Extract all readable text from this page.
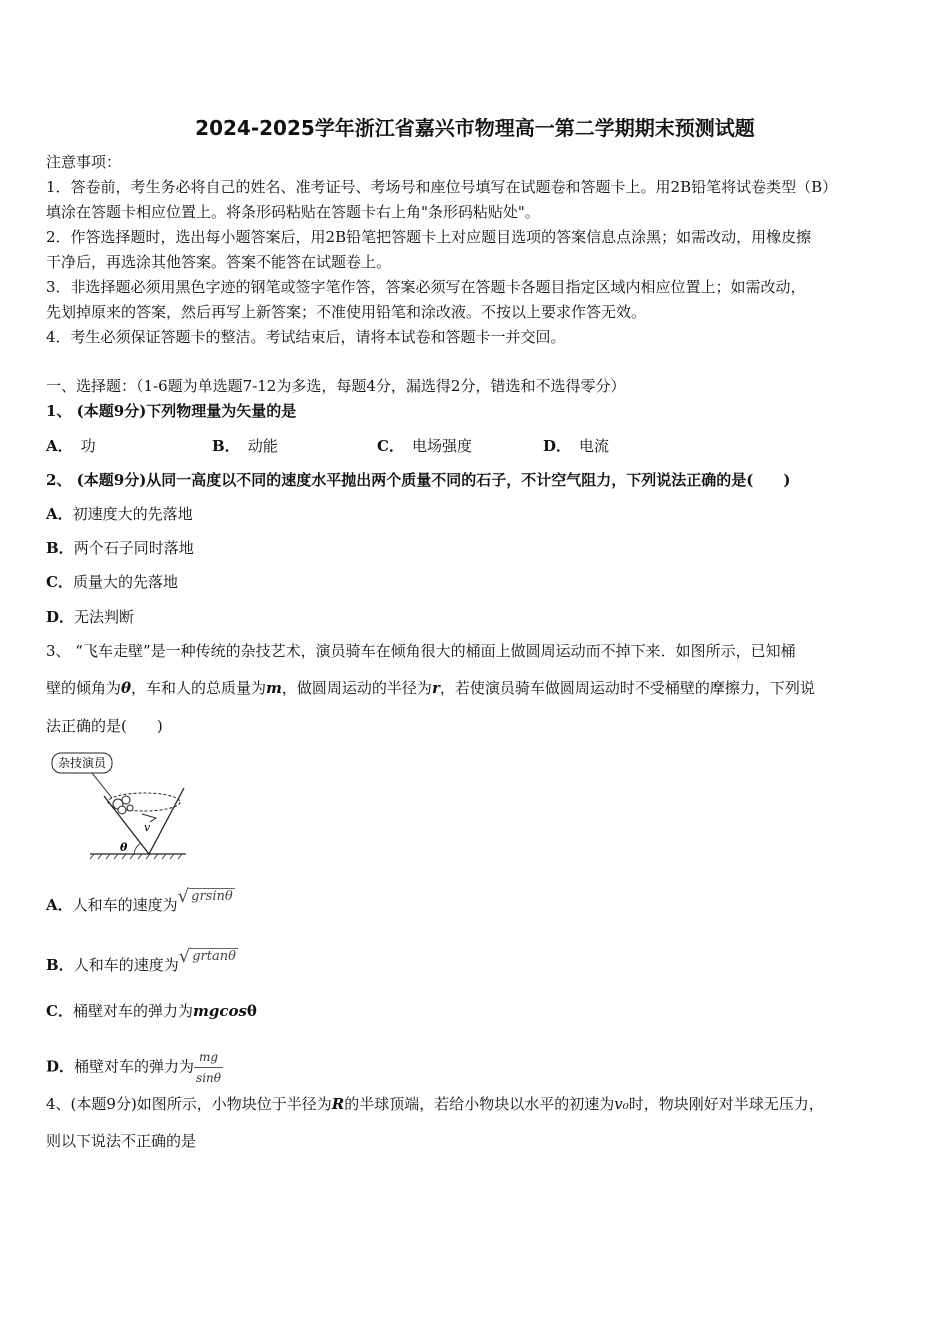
2024-2025学年浙江省嘉兴市物理高一第二学期期末预测试题
注意事项：
1．答卷前，考生务必将自己的姓名、准考证号、考场号和座位号填写在试题卷和答题卡上。用2B铅笔将试卷类型（B）
填涂在答题卡相应位置上。将条形码粘贴在答题卡右上角"条形码粘贴处"。
2．作答选择题时，选出每小题答案后，用2B铅笔把答题卡上对应题目选项的答案信息点涂黑；如需改动，用橡皮擦
干净后，再选涂其他答案。答案不能答在试题卷上。
3．非选择题必须用黑色字迹的钢笔或签字笔作答，答案必须写在答题卡各题目指定区域内相应位置上；如需改动，
先划掉原来的答案，然后再写上新答案；不准使用铅笔和涂改液。不按以上要求作答无效。
4．考生必须保证答题卡的整洁。考试结束后，请将本试卷和答题卡一并交回。
一、选择题：（1-6题为单选题7-12为多选，每题4分，漏选得2分，错选和不选得零分）
1、 (本题9分)下列物理量为矢量的是
A． 功	B． 动能	C． 电场强度	D． 电流
2、 (本题9分)从同一高度以不同的速度水平抛出两个质量不同的石子，不计空气阻力，下列说法正确的是(　　)
A．初速度大的先落地
B．两个石子同时落地
C．质量大的先落地
D．无法判断
3、 “飞车走壁”是一种传统的杂技艺术，演员骑车在倾角很大的桶面上做圆周运动而不掉下来．如图所示，已知桶
壁的倾角为θ，车和人的总质量为m，做圆周运动的半径为r，若使演员骑车做圆周运动时不受桶壁的摩擦力，下列说
法正确的是(　　)
杂技演员
v
θ
A．人和车的速度为√ grsinθ
B．人和车的速度为√ grtanθ
C．桶壁对车的弹力为mgcosθ
D．桶壁对车的弹力为 $\frac{mg}{\sin\theta}$
4、(本题9分)如图所示，小物块位于半径为R的半球顶端，若给小物块以水平的初速为v₀时，物块刚好对半球无压力，
则以下说法不正确的是
